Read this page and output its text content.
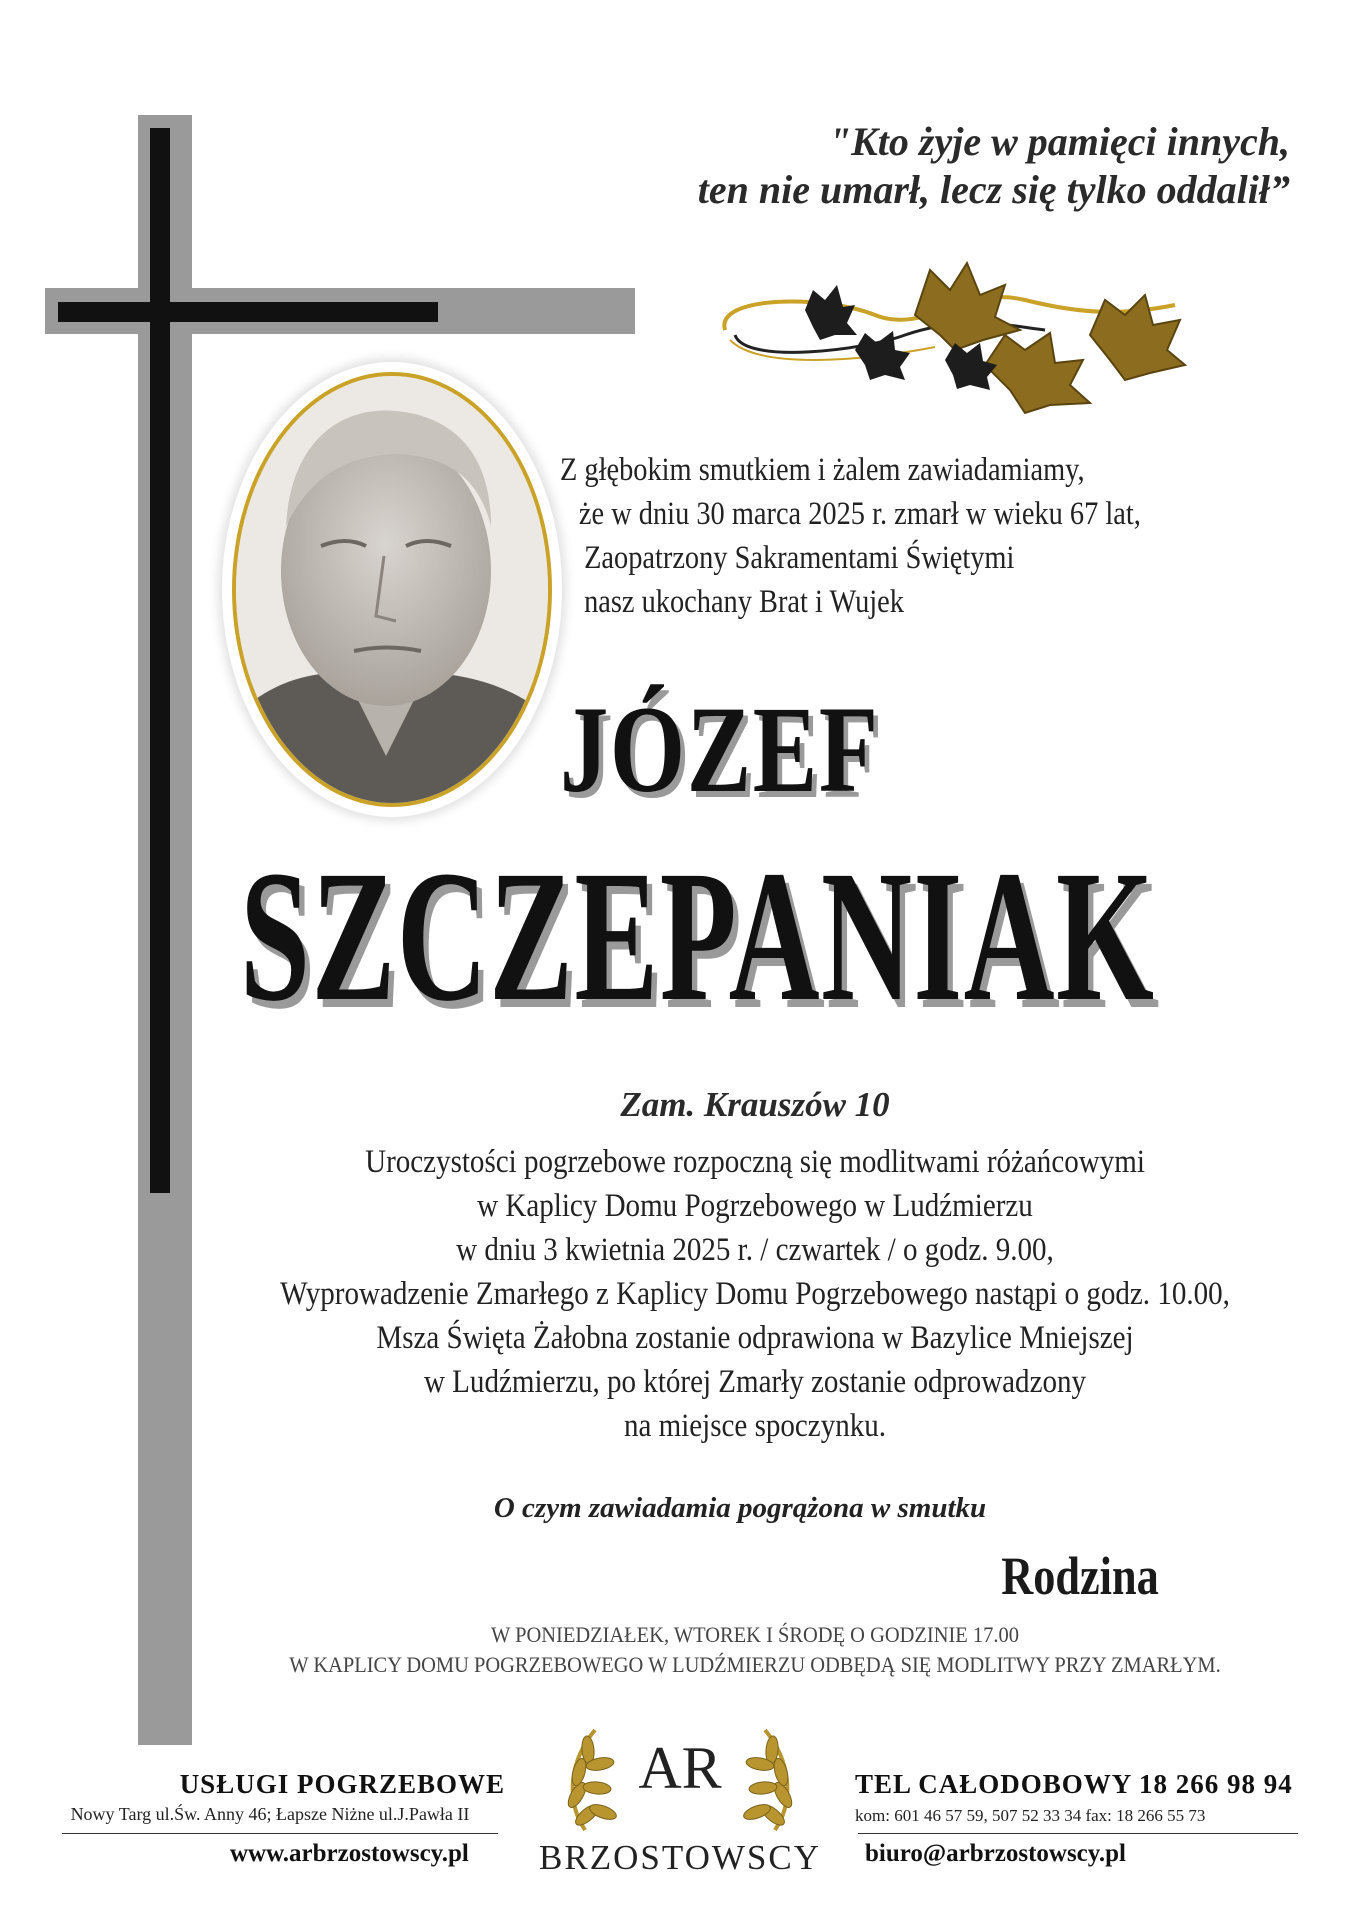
"Kto żyje w pamięci innych,
ten nie umarł, lecz się tylko oddalił”
Z głębokim smutkiem i żalem zawiadamiamy,
że w dniu 30 marca 2025 r. zmarł w wieku 67 lat,
Zaopatrzony Sakramentami Świętymi
nasz ukochany Brat i Wujek
JÓZEF
SZCZEPANIAK
Zam. Krauszów 10
Uroczystości pogrzebowe rozpoczną się modlitwami różańcowymi
w Kaplicy Domu Pogrzebowego w Ludźmierzu
w dniu 3 kwietnia 2025 r. / czwartek / o godz. 9.00,
Wyprowadzenie Zmarłego z Kaplicy Domu Pogrzebowego nastąpi o godz. 10.00,
Msza Święta Żałobna zostanie odprawiona w Bazylice Mniejszej
w Ludźmierzu, po której Zmarły zostanie odprowadzony
na miejsce spoczynku.
O czym zawiadamia pogrążona w smutku
Rodzina
W PONIEDZIAŁEK, WTOREK I ŚRODĘ O GODZINIE 17.00
W KAPLICY DOMU POGRZEBOWEGO W LUDŹMIERZU ODBĘDĄ SIĘ MODLITWY PRZY ZMARŁYM.
USŁUGI POGRZEBOWE
Nowy Targ ul.Św. Anny 46; Łapsze Niżne ul.J.Pawła II
www.arbrzostowscy.pl
AR
BRZOSTOWSCY
TEL CAŁODOBOWY 18 266 98 94
kom: 601 46 57 59, 507 52 33 34 fax: 18 266 55 73
biuro@arbrzostowscy.pl
